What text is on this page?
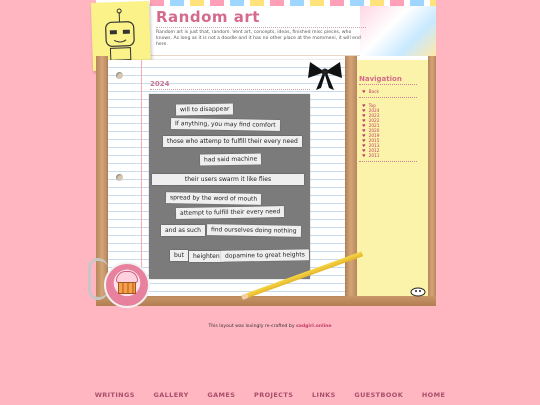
Random art
Random art is just that, random. Vent art, concepts, ideas, finished misc pieces, who knows. As long as it is not a doodle and it has no other place at the mommeni, it will end here.
2024
will to disappear
If anything, you may find comfort
those who attemp to fulfill their every need
had said machine
their users swarm it like flies
spread by the word of mouth
attempt to fulfill their every need
and as such	find ourselves doing nothing
but	heighten dopamine to great heights
Navigation
♥ Back
♥ Top
♥ 2024
♥ 2023
♥ 2022
♥ 2021
♥ 2020
♥ 2019
♥ 2015
♥ 2013
♥ 2012
♥ 2011
This layout was lovingly re-crafted by sadgirl.online
WRITINGS	GALLERY	GAMES	PROJECTS	LINKS	GUESTBOOK	HOME
